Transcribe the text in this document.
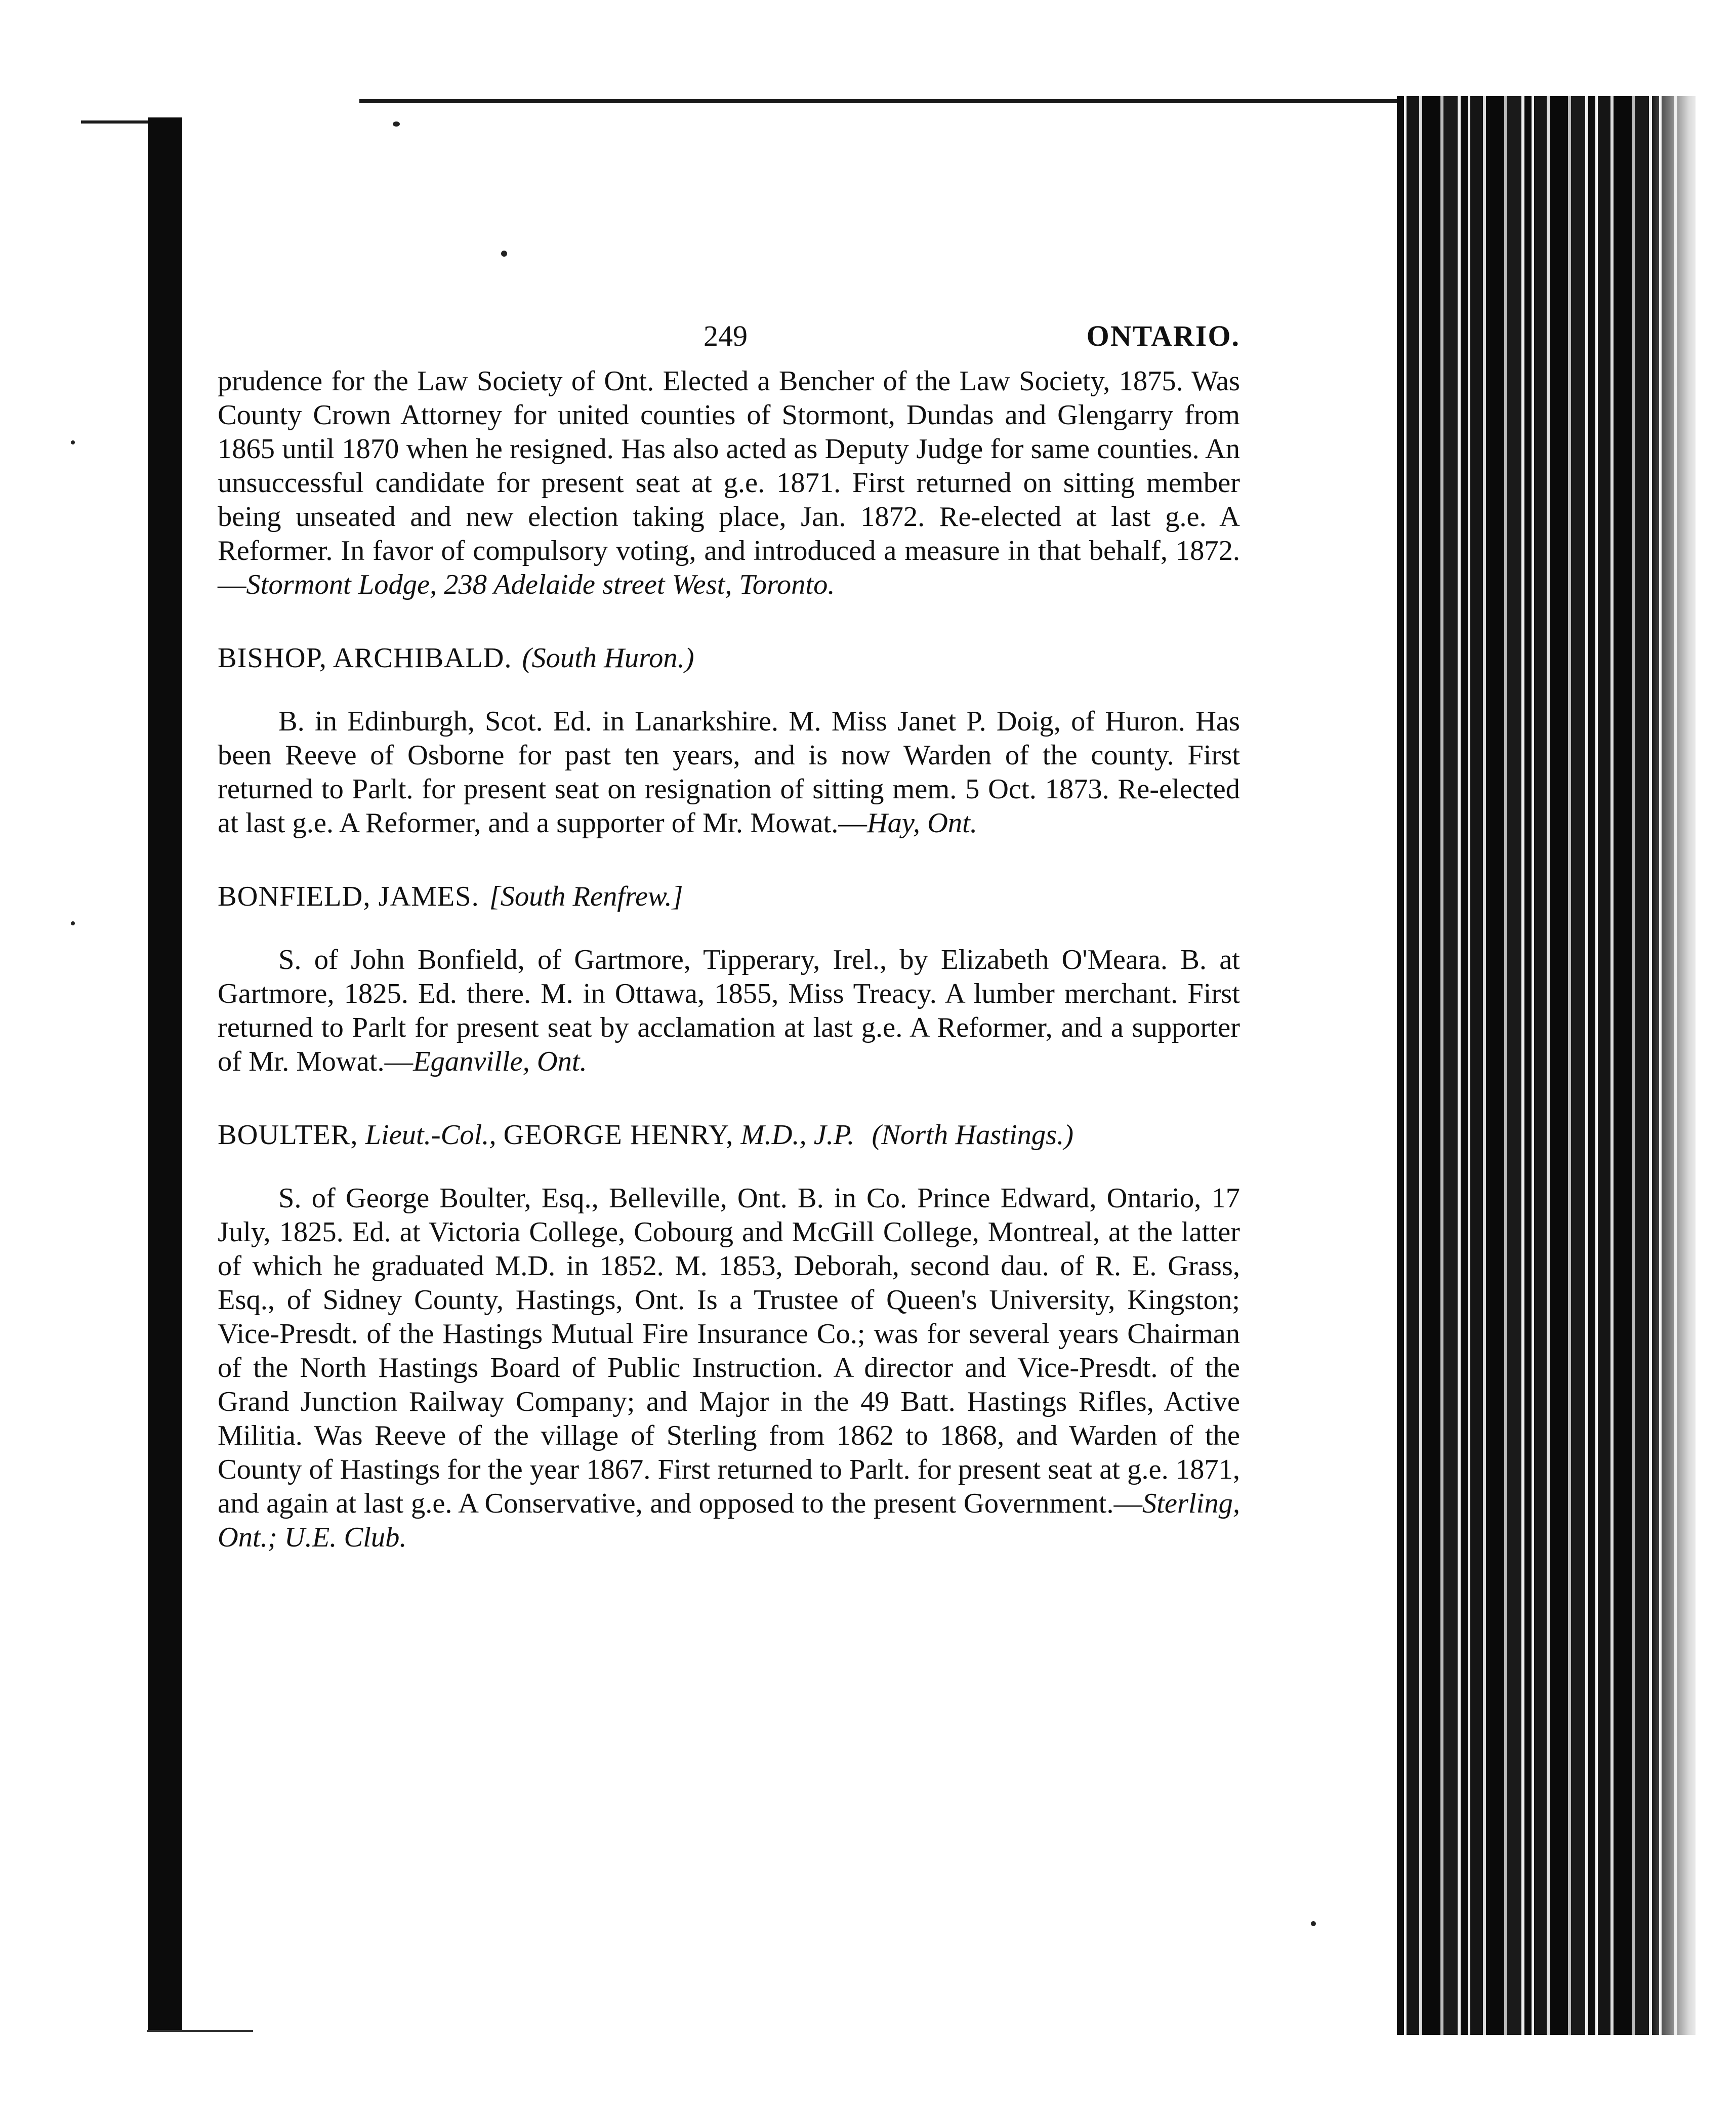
249	ONTARIO.

prudence for the Law Society of Ont. Elected a Bencher of the Law Society, 1875. Was County Crown Attorney for united counties of Stormont, Dundas and Glengarry from 1865 until 1870 when he resigned. Has also acted as Deputy Judge for same counties. An unsuccessful candidate for present seat at g.e. 1871. First returned on sitting member being unseated and new election taking place, Jan. 1872. Re-elected at last g.e. A Reformer. In favor of compulsory voting, and introduced a measure in that behalf, 1872.—Stormont Lodge, 238 Adelaide street West, Toronto.

BISHOP, ARCHIBALD. (South Huron.)

B. in Edinburgh, Scot. Ed. in Lanarkshire. M. Miss Janet P. Doig, of Huron. Has been Reeve of Osborne for past ten years, and is now Warden of the county. First returned to Parlt. for present seat on resignation of sitting mem. 5 Oct. 1873. Re-elected at last g.e. A Reformer, and a supporter of Mr. Mowat.—Hay, Ont.

BONFIELD, JAMES. [South Renfrew.]

S. of John Bonfield, of Gartmore, Tipperary, Irel., by Elizabeth O'Meara. B. at Gartmore, 1825. Ed. there. M. in Ottawa, 1855, Miss Treacy. A lumber merchant. First returned to Parlt for present seat by acclamation at last g.e. A Reformer, and a supporter of Mr. Mowat.—Eganville, Ont.

BOULTER, Lieut.-Col., GEORGE HENRY, M.D., J.P. (North Hastings.)

S. of George Boulter, Esq., Belleville, Ont. B. in Co. Prince Edward, Ontario, 17 July, 1825. Ed. at Victoria College, Cobourg and McGill College, Montreal, at the latter of which he graduated M.D. in 1852. M. 1853, Deborah, second dau. of R. E. Grass, Esq., of Sidney County, Hastings, Ont. Is a Trustee of Queen's University, Kingston; Vice-Presdt. of the Hastings Mutual Fire Insurance Co.; was for several years Chairman of the North Hastings Board of Public Instruction. A director and Vice-Presdt. of the Grand Junction Railway Company; and Major in the 49 Batt. Hastings Rifles, Active Militia. Was Reeve of the village of Sterling from 1862 to 1868, and Warden of the County of Hastings for the year 1867. First returned to Parlt. for present seat at g.e. 1871, and again at last g.e. A Conservative, and opposed to the present Government.—Sterling, Ont.; U.E. Club.
